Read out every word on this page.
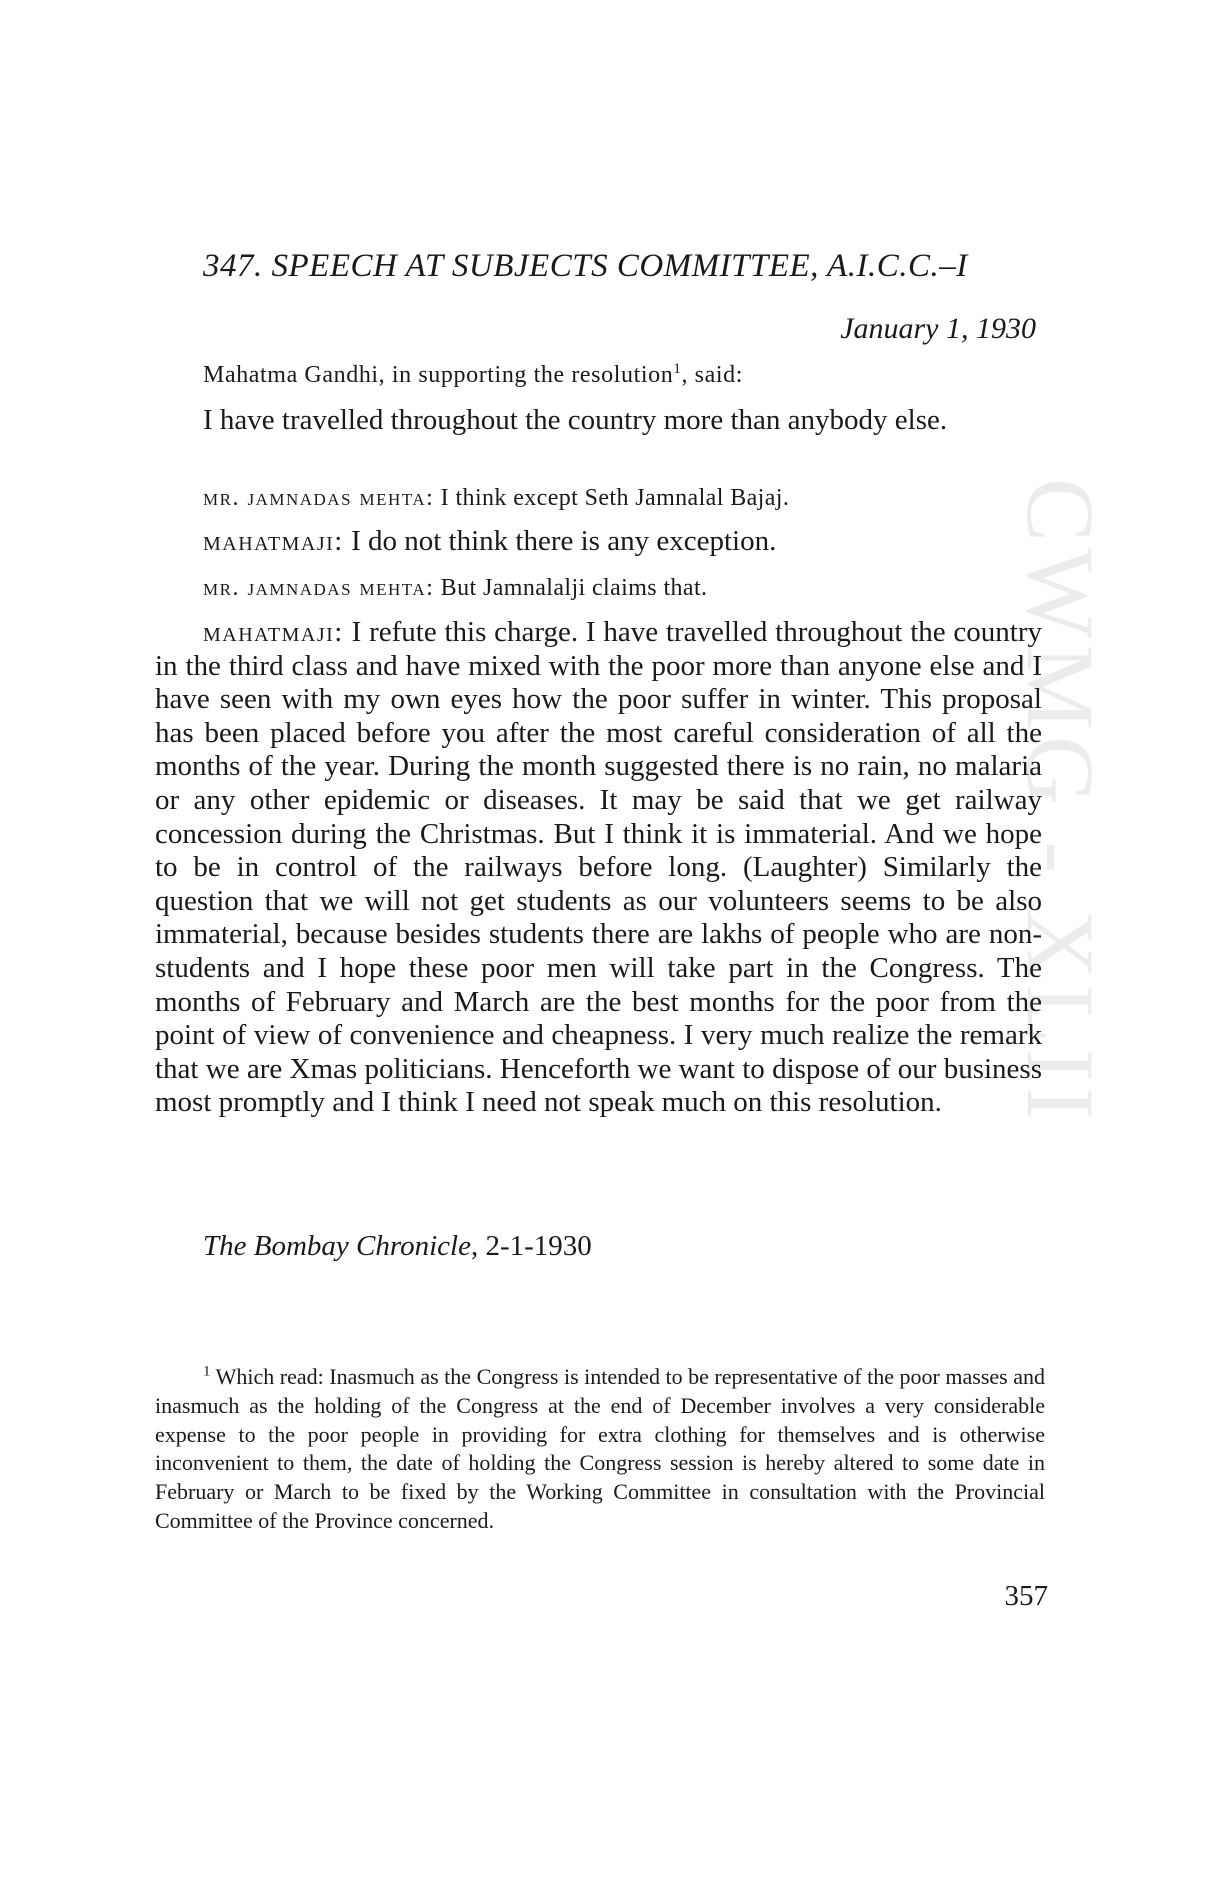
CWMG - XLII
347. SPEECH AT SUBJECTS COMMITTEE, A.I.C.C.–I
January 1, 1930
Mahatma Gandhi, in supporting the resolution$^1$, said:
I have travelled throughout the country more than anybody else.
mr. jamnadas mehta: I think except Seth Jamnalal Bajaj.
mahatmaji: I do not think there is any exception.
mr. jamnadas mehta: But Jamnalalji claims that.
mahatmaji: I refute this charge. I have travelled throughout the country in the third class and have mixed with the poor more than anyone else and I have seen with my own eyes how the poor suffer in winter. This proposal has been placed before you after the most careful consideration of all the months of the year. During the month suggested there is no rain, no malaria or any other epidemic or diseases. It may be said that we get railway concession during the Christmas. But I think it is immaterial. And we hope to be in control of the railways before long. (Laughter) Similarly the question that we will not get students as our volunteers seems to be also immaterial, because besides students there are lakhs of people who are non-students and I hope these poor men will take part in the Congress. The months of February and March are the best months for the poor from the point of view of convenience and cheapness. I very much realize the remark that we are Xmas politicians. Henceforth we want to dispose of our business most promptly and I think I need not speak much on this resolution.
The Bombay Chronicle, 2-1-1930
$^1$ Which read: Inasmuch as the Congress is intended to be representative of the poor masses and inasmuch as the holding of the Congress at the end of December involves a very considerable expense to the poor people in providing for extra clothing for themselves and is otherwise inconvenient to them, the date of holding the Congress session is hereby altered to some date in February or March to be fixed by the Working Committee in consultation with the Provincial Committee of the Province concerned.
357
